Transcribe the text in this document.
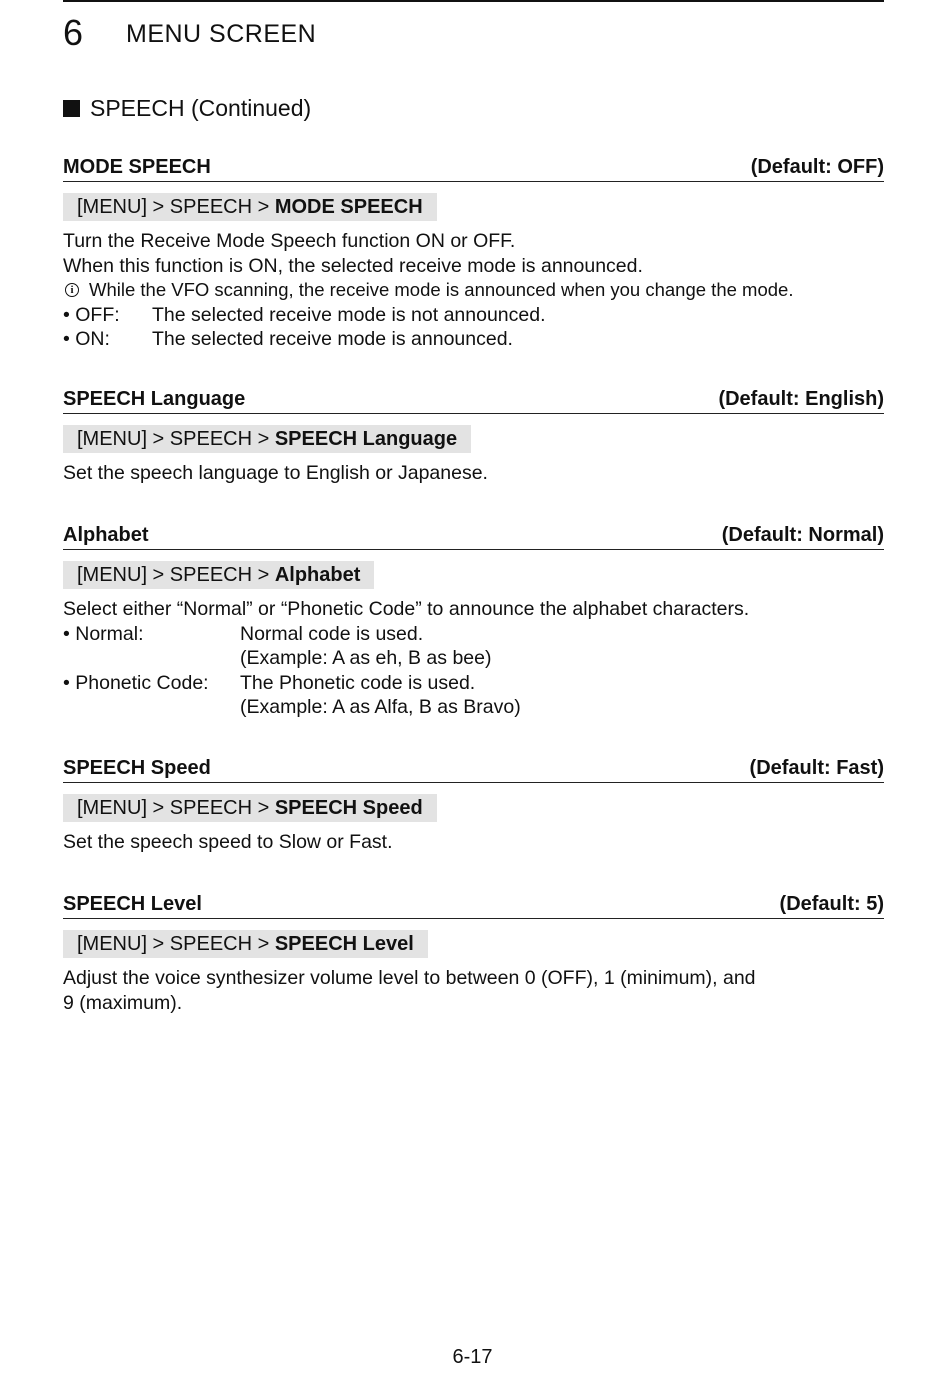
6 MENU SCREEN
SPEECH (Continued)
MODE SPEECH	(Default: OFF)
[MENU] > SPEECH > MODE SPEECH
Turn the Receive Mode Speech function ON or OFF.
When this function is ON, the selected receive mode is announced.
i While the VFO scanning, the receive mode is announced when you change the mode.
• OFF:	The selected receive mode is not announced.
• ON:	The selected receive mode is announced.
SPEECH Language	(Default: English)
[MENU] > SPEECH > SPEECH Language
Set the speech language to English or Japanese.
Alphabet	(Default: Normal)
[MENU] > SPEECH > Alphabet
Select either “Normal” or “Phonetic Code” to announce the alphabet characters.
• Normal:	Normal code is used.
(Example: A as eh, B as bee)
• Phonetic Code:	The Phonetic code is used.
(Example: A as Alfa, B as Bravo)
SPEECH Speed	(Default: Fast)
[MENU] > SPEECH > SPEECH Speed
Set the speech speed to Slow or Fast.
SPEECH Level	(Default: 5)
[MENU] > SPEECH > SPEECH Level
Adjust the voice synthesizer volume level to between 0 (OFF), 1 (minimum), and
9 (maximum).
6-17
